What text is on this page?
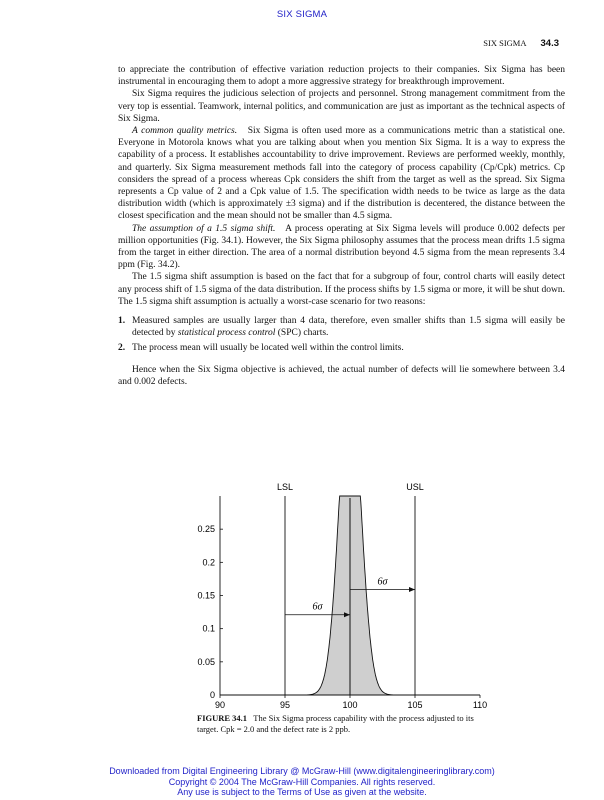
SIX SIGMA
SIX SIGMA 34.3

to appreciate the contribution of effective variation reduction projects to their companies. Six Sigma has been instrumental in encouraging them to adopt a more aggressive strategy for breakthrough improvement.

Six Sigma requires the judicious selection of projects and personnel. Strong management commitment from the very top is essential. Teamwork, internal politics, and communication are just as important as the technical aspects of Six Sigma.

A common quality metrics. Six Sigma is often used more as a communications metric than a statistical one. Everyone in Motorola knows what you are talking about when you mention Six Sigma. It is a way to express the capability of a process. It establishes accountability to drive improvement. Reviews are performed weekly, monthly, and quarterly. Six Sigma measurement methods fall into the category of process capability (Cp/Cpk) metrics. Cp considers the spread of a process whereas Cpk considers the shift from the target as well as the spread. Six Sigma represents a Cp value of 2 and a Cpk value of 1.5. The specification width needs to be twice as large as the data distribution width (which is approximately ±3 sigma) and if the distribution is decentered, the distance between the closest specification and the mean should not be smaller than 4.5 sigma.

The assumption of a 1.5 sigma shift. A process operating at Six Sigma levels will produce 0.002 defects per million opportunities (Fig. 34.1). However, the Six Sigma philosophy assumes that the process mean drifts 1.5 sigma from the target in either direction. The area of a normal distribution beyond 4.5 sigma from the mean represents 3.4 ppm (Fig. 34.2).

The 1.5 sigma shift assumption is based on the fact that for a subgroup of four, control charts will easily detect any process shift of 1.5 sigma of the data distribution. If the process shifts by 1.5 sigma or more, it will be shut down. The 1.5 sigma shift assumption is actually a worst-case scenario for two reasons:

1. Measured samples are usually larger than 4 data, therefore, even smaller shifts than 1.5 sigma will easily be detected by statistical process control (SPC) charts.
2. The process mean will usually be located well within the control limits.

Hence when the Six Sigma objective is achieved, the actual number of defects will lie somewhere between 3.4 and 0.002 defects.

90	95	100	105	110
0
0.05
0.1
0.15
0.2
0.25
LSL	USL
6σ
6σ
FIGURE 34.1 The Six Sigma process capability with the process adjusted to its target. Cpk = 2.0 and the defect rate is 2 ppb.
Downloaded from Digital Engineering Library @ McGraw-Hill (www.digitalengineeringlibrary.com)
Copyright © 2004 The McGraw-Hill Companies. All rights reserved.
Any use is subject to the Terms of Use as given at the website.
